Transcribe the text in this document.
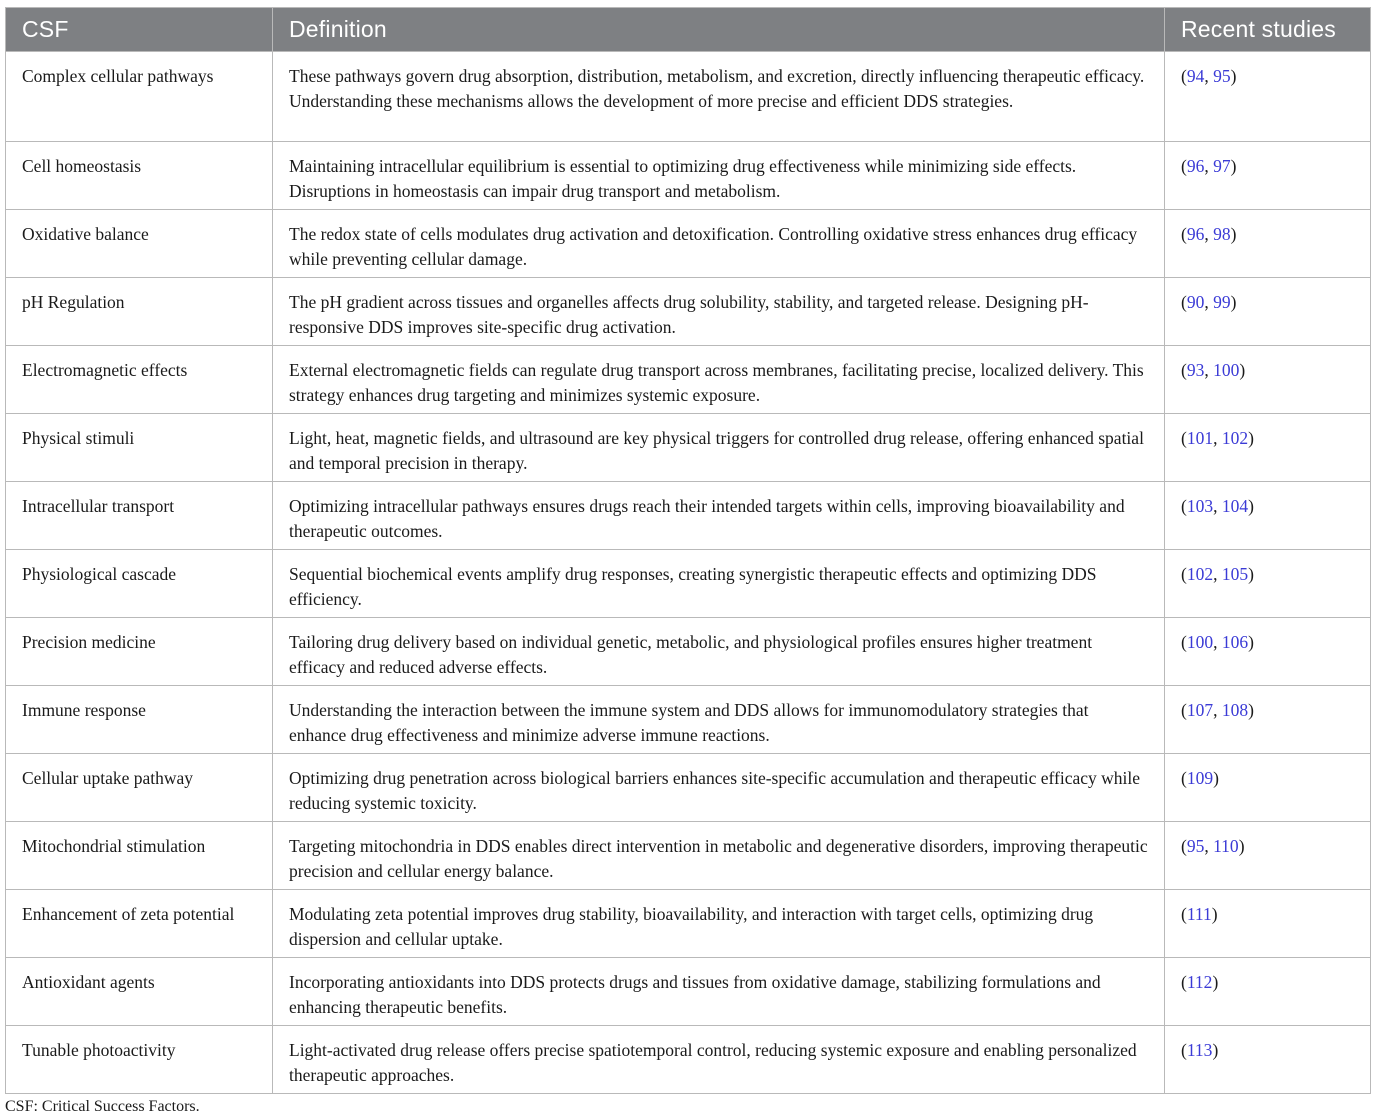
CSF	Definition	Recent studies
Complex cellular pathways	These pathways govern drug absorption, distribution, metabolism, and excretion, directly influencing therapeutic efficacy. Understanding these mechanisms allows the development of more precise and efficient DDS strategies.	(94, 95)
Cell homeostasis	Maintaining intracellular equilibrium is essential to optimizing drug effectiveness while minimizing side effects. Disruptions in homeostasis can impair drug transport and metabolism.	(96, 97)
Oxidative balance	The redox state of cells modulates drug activation and detoxification. Controlling oxidative stress enhances drug efficacy while preventing cellular damage.	(96, 98)
pH Regulation	The pH gradient across tissues and organelles affects drug solubility, stability, and targeted release. Designing pH-responsive DDS improves site-specific drug activation.	(90, 99)
Electromagnetic effects	External electromagnetic fields can regulate drug transport across membranes, facilitating precise, localized delivery. This strategy enhances drug targeting and minimizes systemic exposure.	(93, 100)
Physical stimuli	Light, heat, magnetic fields, and ultrasound are key physical triggers for controlled drug release, offering enhanced spatial and temporal precision in therapy.	(101, 102)
Intracellular transport	Optimizing intracellular pathways ensures drugs reach their intended targets within cells, improving bioavailability and therapeutic outcomes.	(103, 104)
Physiological cascade	Sequential biochemical events amplify drug responses, creating synergistic therapeutic effects and optimizing DDS efficiency.	(102, 105)
Precision medicine	Tailoring drug delivery based on individual genetic, metabolic, and physiological profiles ensures higher treatment efficacy and reduced adverse effects.	(100, 106)
Immune response	Understanding the interaction between the immune system and DDS allows for immunomodulatory strategies that enhance drug effectiveness and minimize adverse immune reactions.	(107, 108)
Cellular uptake pathway	Optimizing drug penetration across biological barriers enhances site-specific accumulation and therapeutic efficacy while reducing systemic toxicity.	(109)
Mitochondrial stimulation	Targeting mitochondria in DDS enables direct intervention in metabolic and degenerative disorders, improving therapeutic precision and cellular energy balance.	(95, 110)
Enhancement of zeta potential	Modulating zeta potential improves drug stability, bioavailability, and interaction with target cells, optimizing drug dispersion and cellular uptake.	(111)
Antioxidant agents	Incorporating antioxidants into DDS protects drugs and tissues from oxidative damage, stabilizing formulations and enhancing therapeutic benefits.	(112)
Tunable photoactivity	Light-activated drug release offers precise spatiotemporal control, reducing systemic exposure and enabling personalized therapeutic approaches.	(113)
CSF: Critical Success Factors.
